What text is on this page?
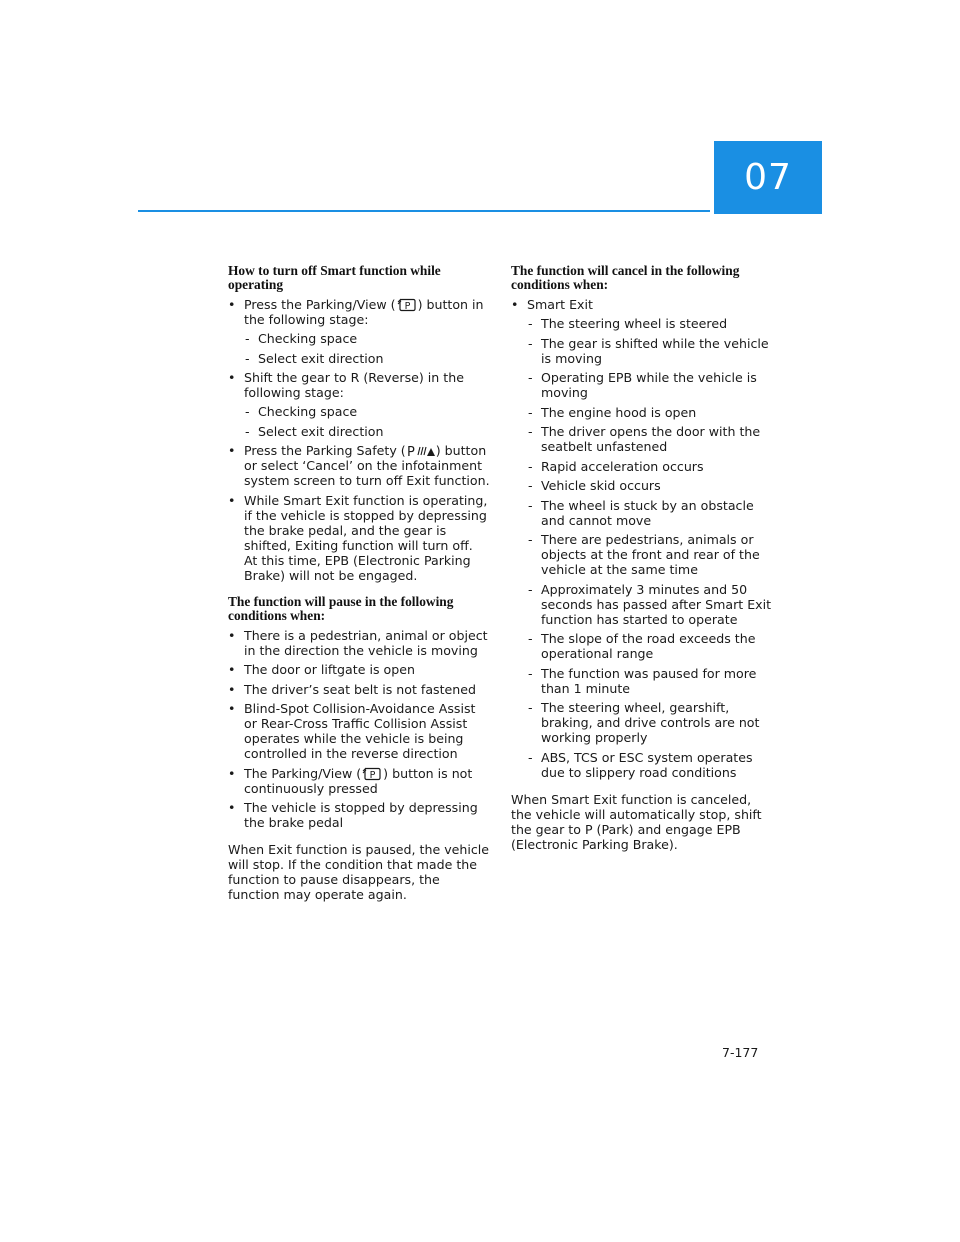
07
How to turn off Smart function while operating
• Press the Parking/View ( P ) button in the following stage:
- Checking space
- Select exit direction
• Shift the gear to R (Reverse) in the following stage:
- Checking space
- Select exit direction
• Press the Parking Safety ( P ) button or select ‘Cancel’ on the infotainment system screen to turn off Exit function.
• While Smart Exit function is operating, if the vehicle is stopped by depressing the brake pedal, and the gear is shifted, Exiting function will turn off. At this time, EPB (Electronic Parking Brake) will not be engaged.
The function will pause in the following conditions when:
• There is a pedestrian, animal or object in the direction the vehicle is moving
• The door or liftgate is open
• The driver’s seat belt is not fastened
• Blind-Spot Collision-Avoidance Assist or Rear-Cross Traffic Collision Assist operates while the vehicle is being controlled in the reverse direction
• The Parking/View ( P ) button is not continuously pressed
• The vehicle is stopped by depressing the brake pedal

When Exit function is paused, the vehicle will stop. If the condition that made the function to pause disappears, the function may operate again.

The function will cancel in the following conditions when:
• Smart Exit
- The steering wheel is steered
- The gear is shifted while the vehicle is moving
- Operating EPB while the vehicle is moving
- The engine hood is open
- The driver opens the door with the seatbelt unfastened
- Rapid acceleration occurs
- Vehicle skid occurs
- The wheel is stuck by an obstacle and cannot move
- There are pedestrians, animals or objects at the front and rear of the vehicle at the same time
- Approximately 3 minutes and 50 seconds has passed after Smart Exit function has started to operate
- The slope of the road exceeds the operational range
- The function was paused for more than 1 minute
- The steering wheel, gearshift, braking, and drive controls are not working properly
- ABS, TCS or ESC system operates due to slippery road conditions

When Smart Exit function is canceled, the vehicle will automatically stop, shift the gear to P (Park) and engage EPB (Electronic Parking Brake).

7-177
